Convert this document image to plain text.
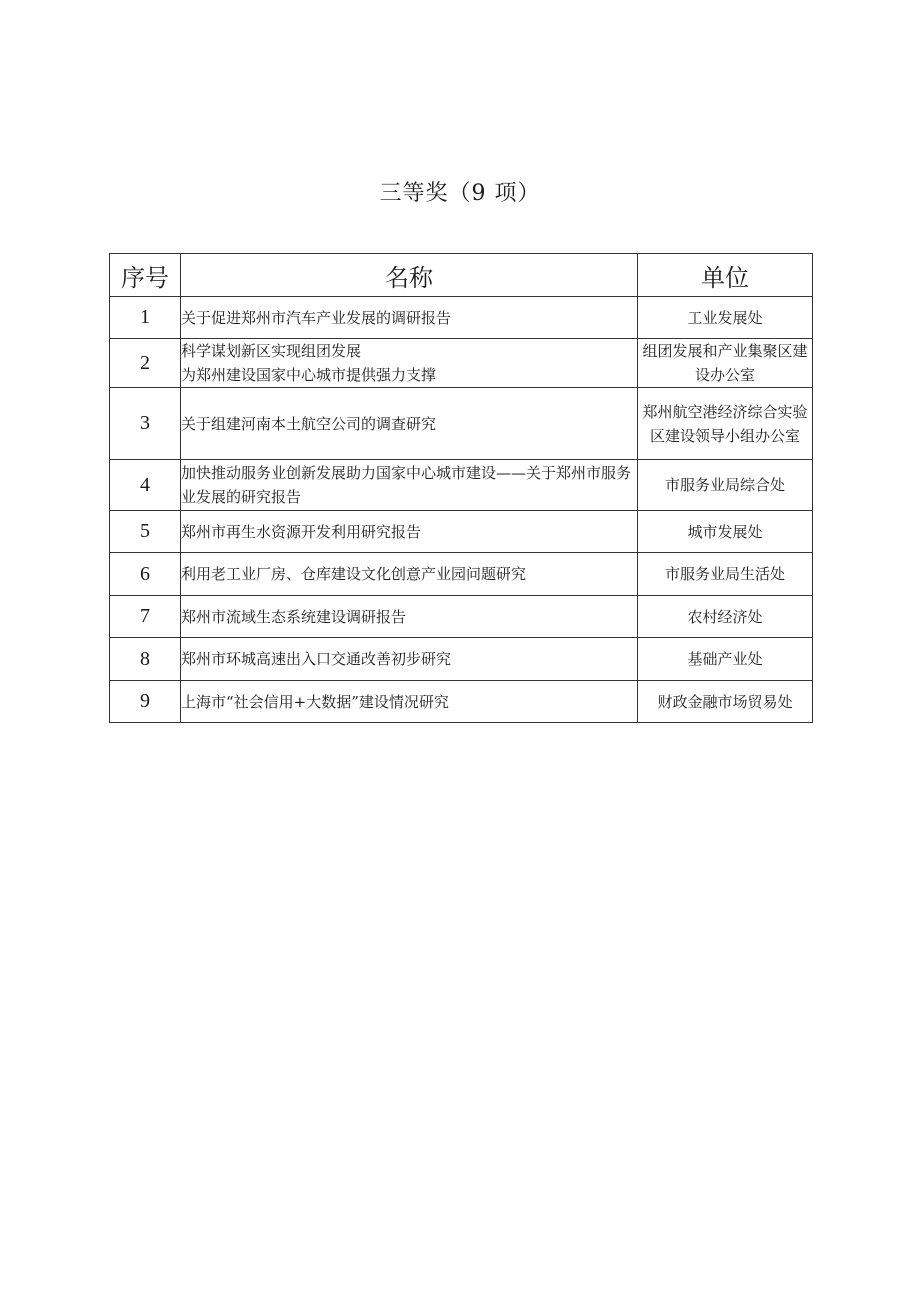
三等奖（9 项）
序号	名称	单位
1	关于促进郑州市汽车产业发展的调研报告	工业发展处
2	科学谋划新区实现组团发展
为郑州建设国家中心城市提供强力支撑	组团发展和产业集聚区建设办公室
3	关于组建河南本土航空公司的调查研究	郑州航空港经济综合实验区建设领导小组办公室
4	加快推动服务业创新发展助力国家中心城市建设——关于郑州市服务业发展的研究报告	市服务业局综合处
5	郑州市再生水资源开发利用研究报告	城市发展处
6	利用老工业厂房、仓库建设文化创意产业园问题研究	市服务业局生活处
7	郑州市流域生态系统建设调研报告	农村经济处
8	郑州市环城高速出入口交通改善初步研究	基础产业处
9	上海市“社会信用+大数据”建设情况研究	财政金融市场贸易处
